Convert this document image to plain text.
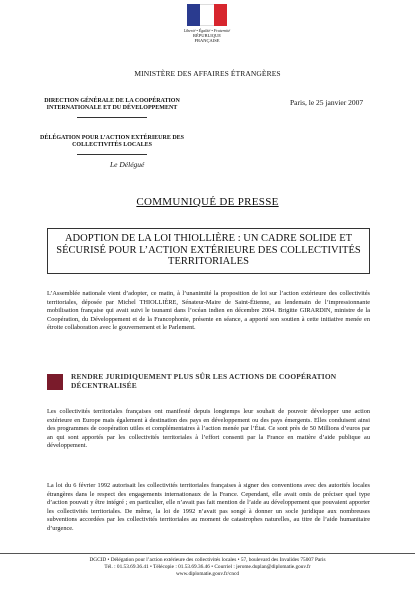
Liberté • Égalité • Fraternité
RÉPUBLIQUE FRANÇAISE
MINISTÈRE DES AFFAIRES ÉTRANGÈRES
DIRECTION GÉNÉRALE DE LA COOPÉRATION INTERNATIONALE ET DU DÉVELOPPEMENT
Paris, le 25 janvier 2007
DÉLÉGATION POUR L’ACTION EXTÉRIEURE DES COLLECTIVITÉS LOCALES
Le Délégué
COMMUNIQUÉ DE PRESSE
ADOPTION DE LA LOI THIOLLIÈRE : UN CADRE SOLIDE ET SÉCURISÉ POUR L’ACTION EXTÉRIEURE DES COLLECTIVITÉS TERRITORIALES
L’Assemblée nationale vient d’adopter, ce matin, à l’unanimité la proposition de loi sur l’action extérieure des collectivités territoriales, déposée par Michel THIOLLIÈRE, Sénateur-Maire de Saint-Étienne, au lendemain de l’impressionnante mobilisation française qui avait suivi le tsunami dans l’océan indien en décembre 2004. Brigitte GIRARDIN, ministre de la Coopération, du Développement et de la Francophonie, présente en séance, a apporté son soutien à cette initiative menée en étroite collaboration avec le gouvernement et le Parlement.
RENDRE JURIDIQUEMENT PLUS SÛR LES ACTIONS DE COOPÉRATION DÉCENTRALISÉE
Les collectivités territoriales françaises ont manifesté depuis longtemps leur souhait de pouvoir développer une action extérieure en Europe mais également à destination des pays en développement ou des pays émergents. Elles conduisent ainsi des programmes de coopération utiles et complémentaires à l’action menée par l’État. Ce sont près de 50 Millions d’euros par an qui sont apportés par les collectivités territoriales à l’effort consenti par la France en matière d’aide publique au développement.
La loi du 6 février 1992 autorisait les collectivités territoriales françaises à signer des conventions avec des autorités locales étrangères dans le respect des engagements internationaux de la France. Cependant, elle avait omis de préciser quel type d’action pouvait y être intégré ; en particulier, elle n’avait pas fait mention de l’aide au développement que pouvaient apporter les collectivités territoriales. De même, la loi de 1992 n’avait pas songé à donner un socle juridique aux nombreuses subventions accordées par les collectivités territoriales au moment de catastrophes naturelles, au titre de l’aide humanitaire d’urgence.
DGCID • Délégation pour l’action extérieure des collectivités locales • 57, boulevard des Invalides 75007 Paris
Tél. : 01.53.69.36.41 • Télécopie : 01.53.69.36.46 • Courriel : jerome.duplan@diplomatie.gouv.fr
www.diplomatie.gouv.fr/cncd
